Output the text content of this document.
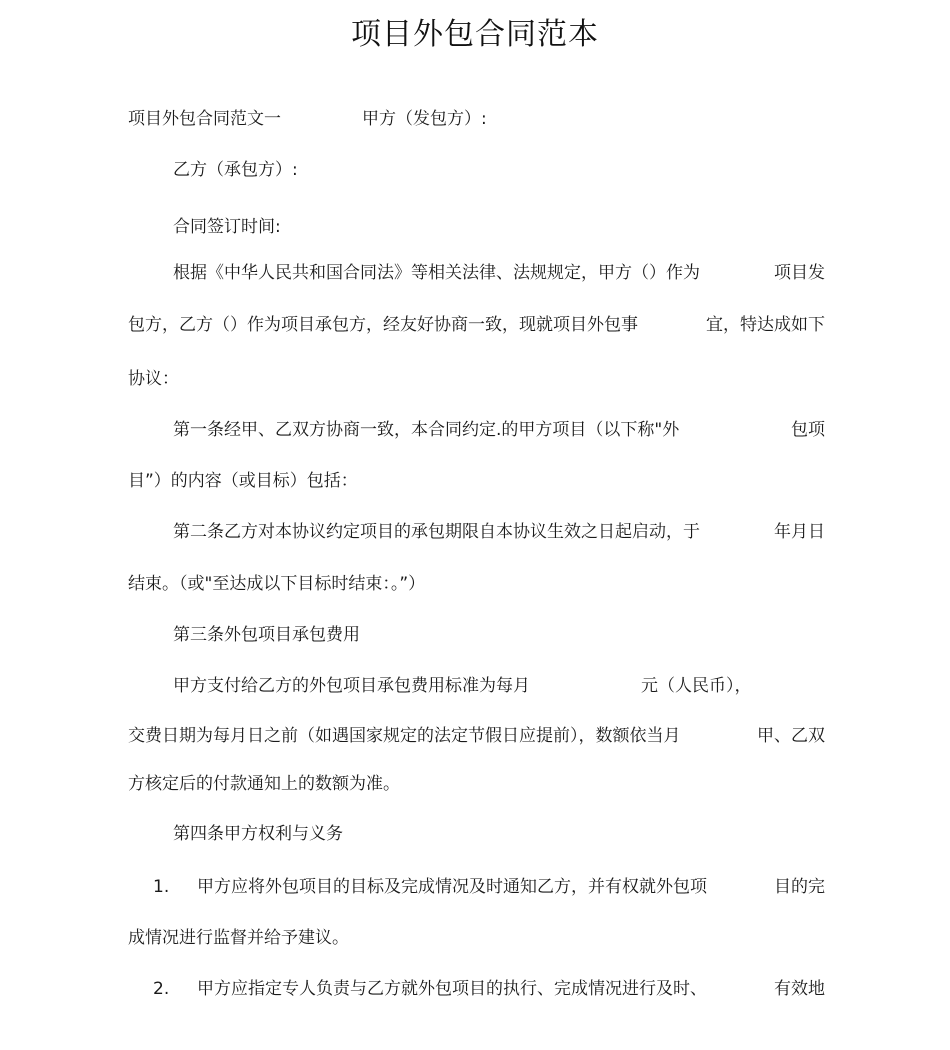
项目外包合同范本
项目外包合同范文一	甲方（发包方）:
乙方（承包方）:
合同签订时间:
根据《中华人民共和国合同法》等相关法律、法规规定，甲方（）作为	项目发
包方，乙方（）作为项目承包方，经友好协商一致，现就项目外包事	宜，特达成如下
协议：
第一条经甲、乙双方协商一致，本合同约定.的甲方项目（以下称"外	包项
目”）的内容（或目标）包括：
第二条乙方对本协议约定项目的承包期限自本协议生效之日起启动，于	年月日
结束。（或"至达成以下目标时结束：。”）
第三条外包项目承包费用
甲方支付给乙方的外包项目承包费用标准为每月	元（人民币），
交费日期为每月日之前（如遇国家规定的法定节假日应提前），数额依当月	甲、乙双
方核定后的付款通知上的数额为准。
第四条甲方权利与义务
1. 甲方应将外包项目的目标及完成情况及时通知乙方，并有权就外包项	目的完
成情况进行监督并给予建议。
2. 甲方应指定专人负责与乙方就外包项目的执行、完成情况进行及时、	有效地
